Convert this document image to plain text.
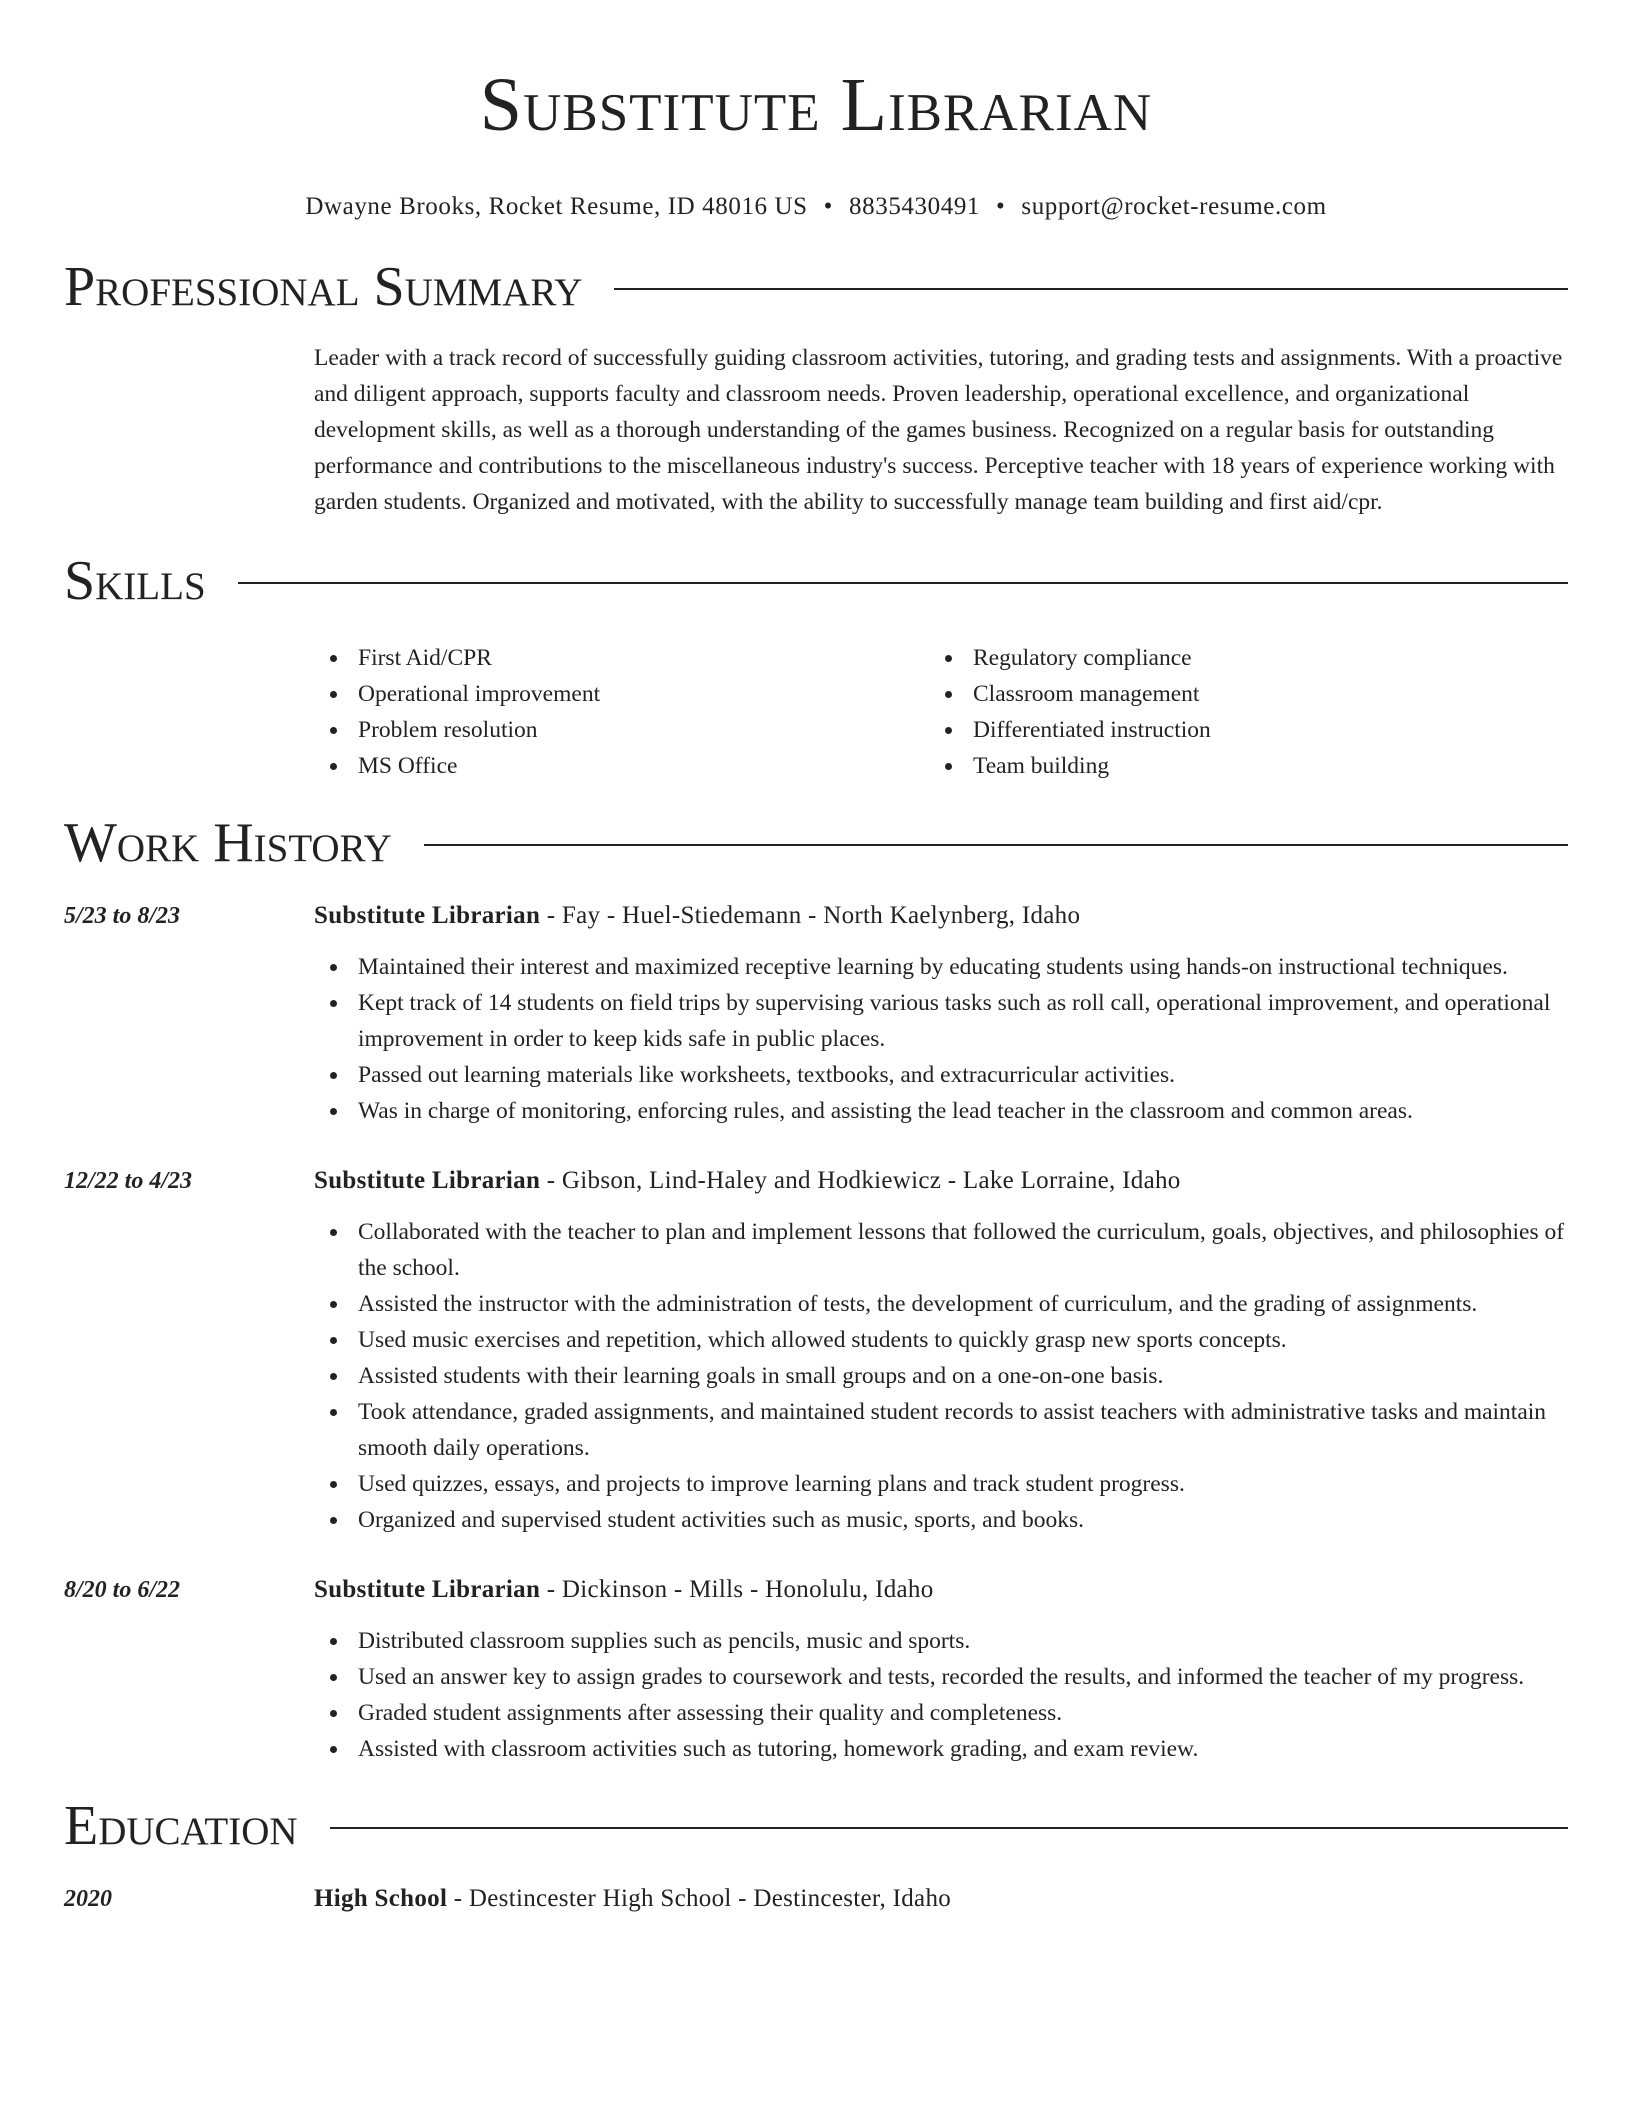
Substitute Librarian
Dwayne Brooks, Rocket Resume, ID 48016 US • 8835430491 • support@rocket-resume.com
Professional Summary
Leader with a track record of successfully guiding classroom activities, tutoring, and grading tests and assignments. With a proactive and diligent approach, supports faculty and classroom needs. Proven leadership, operational excellence, and organizational development skills, as well as a thorough understanding of the games business. Recognized on a regular basis for outstanding performance and contributions to the miscellaneous industry's success. Perceptive teacher with 18 years of experience working with garden students. Organized and motivated, with the ability to successfully manage team building and first aid/cpr.
Skills
First Aid/CPR
Operational improvement
Problem resolution
MS Office
Regulatory compliance
Classroom management
Differentiated instruction
Team building
Work History
5/23 to 8/23	Substitute Librarian - Fay - Huel-Stiedemann - North Kaelynberg, Idaho
Maintained their interest and maximized receptive learning by educating students using hands-on instructional techniques.
Kept track of 14 students on field trips by supervising various tasks such as roll call, operational improvement, and operational improvement in order to keep kids safe in public places.
Passed out learning materials like worksheets, textbooks, and extracurricular activities.
Was in charge of monitoring, enforcing rules, and assisting the lead teacher in the classroom and common areas.
12/22 to 4/23	Substitute Librarian - Gibson, Lind-Haley and Hodkiewicz - Lake Lorraine, Idaho
Collaborated with the teacher to plan and implement lessons that followed the curriculum, goals, objectives, and philosophies of the school.
Assisted the instructor with the administration of tests, the development of curriculum, and the grading of assignments.
Used music exercises and repetition, which allowed students to quickly grasp new sports concepts.
Assisted students with their learning goals in small groups and on a one-on-one basis.
Took attendance, graded assignments, and maintained student records to assist teachers with administrative tasks and maintain smooth daily operations.
Used quizzes, essays, and projects to improve learning plans and track student progress.
Organized and supervised student activities such as music, sports, and books.
8/20 to 6/22	Substitute Librarian - Dickinson - Mills - Honolulu, Idaho
Distributed classroom supplies such as pencils, music and sports.
Used an answer key to assign grades to coursework and tests, recorded the results, and informed the teacher of my progress.
Graded student assignments after assessing their quality and completeness.
Assisted with classroom activities such as tutoring, homework grading, and exam review.
Education
2020	High School - Destincester High School - Destincester, Idaho
